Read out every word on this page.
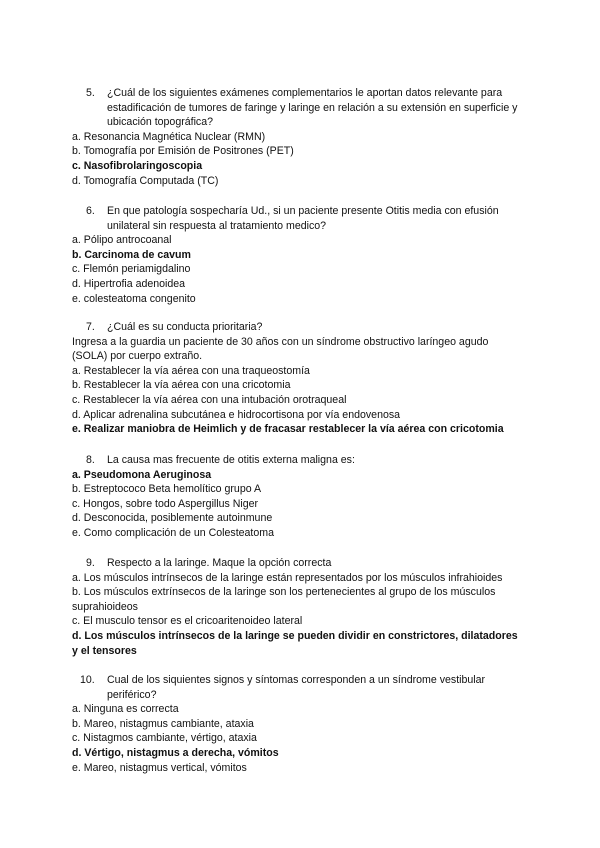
5. ¿Cuál de los siguientes exámenes complementarios le aportan datos relevante para estadificación de tumores de faringe y laringe en relación a su extensión en superficie y ubicación topográfica?
a. Resonancia Magnética Nuclear (RMN)
b. Tomografía por Emisión de Positrones (PET)
c. Nasofibrolaringoscopia
d. Tomografía Computada (TC)
6. En que patología sospecharía Ud., si un paciente presente Otitis media con efusión unilateral sin respuesta al tratamiento medico?
a. Pólipo antrocoanal
b. Carcinoma de cavum
c. Flemón periamigdalino
d. Hipertrofia adenoidea
e. colesteatoma congenito
7. ¿Cuál es su conducta prioritaria?
Ingresa a la guardia un paciente de 30 años con un síndrome obstructivo laríngeo agudo (SOLA) por cuerpo extraño.
a. Restablecer la vía aérea con una traqueostomía
b. Restablecer la vía aérea con una cricotomia
c. Restablecer la vía aérea con una intubación orotraqueal
d. Aplicar adrenalina subcutánea e hidrocortisona por vía endovenosa
e. Realizar maniobra de Heimlich y de fracasar restablecer la vía aérea con cricotomia
8. La causa mas frecuente de otitis externa maligna es:
a. Pseudomona Aeruginosa
b. Estreptococo Beta hemolítico grupo A
c. Hongos, sobre todo Aspergillus Niger
d. Desconocida, posiblemente autoinmune
e. Como complicación de un Colesteatoma
9. Respecto a la laringe. Maque la opción correcta
a. Los músculos intrínsecos de la laringe están representados por los músculos infrahioides
b. Los músculos extrínsecos de la laringe son los pertenecientes al grupo de los músculos suprahioideos
c. El musculo tensor es el cricoaritenoideo lateral
d. Los músculos intrínsecos de la laringe se pueden dividir en constrictores, dilatadores y el tensores
10. Cual de los siquientes signos y síntomas corresponden a un síndrome vestibular periférico?
a. Ninguna es correcta
b. Mareo, nistagmus cambiante, ataxia
c. Nistagmos cambiante, vértigo, ataxia
d. Vértigo, nistagmus a derecha, vómitos
e. Mareo, nistagmus vertical, vómitos
